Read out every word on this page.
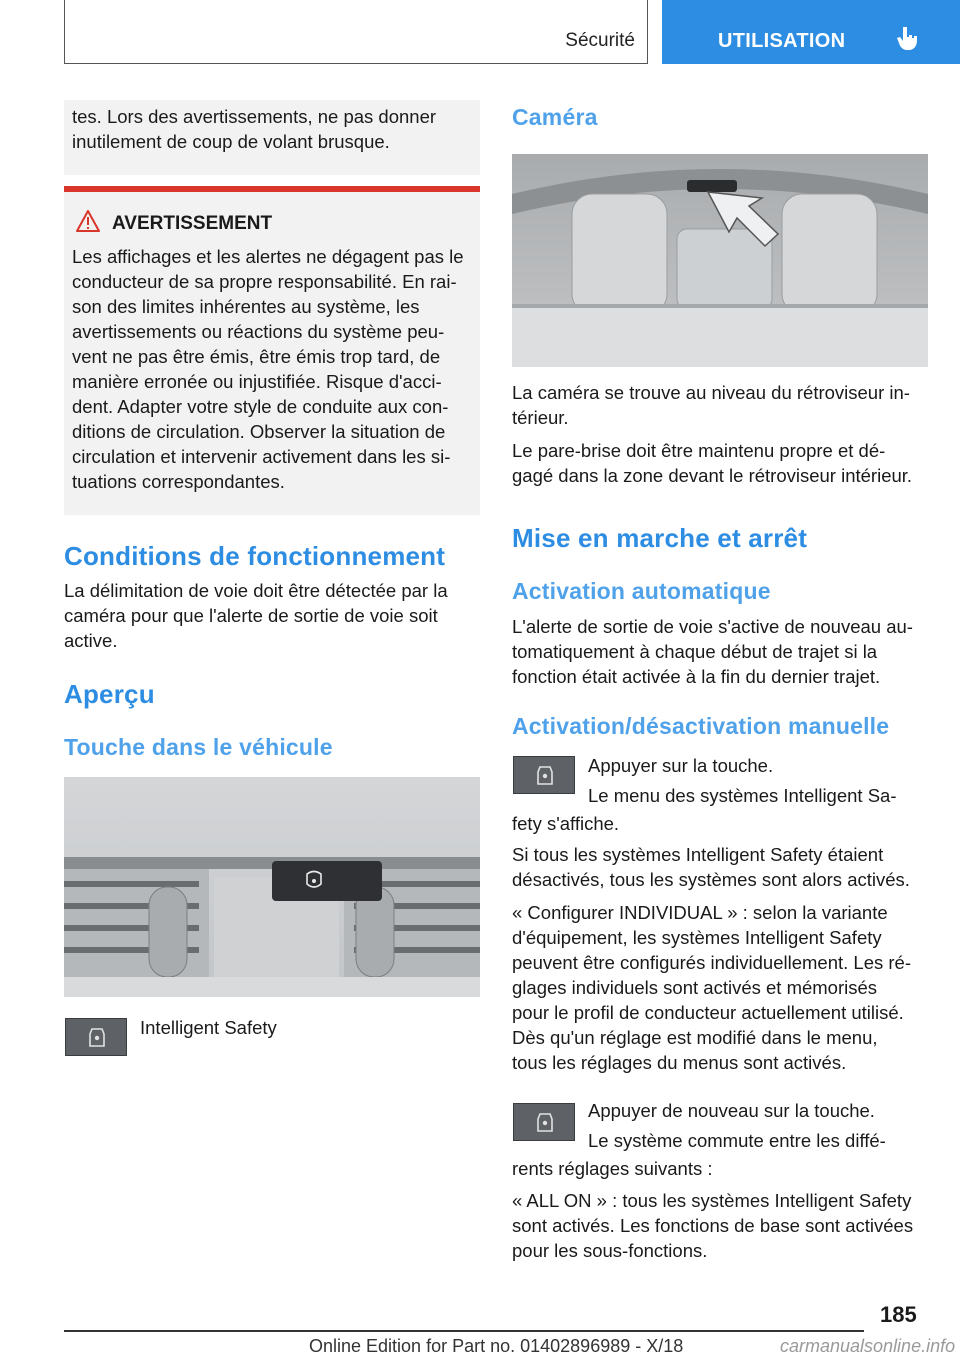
Sécurité	UTILISATION

tes. Lors des avertissements, ne pas donner

inutilement de coup de volant brusque.

AVERTISSEMENT

Les affichages et les alertes ne dégagent pas le

conducteur de sa propre responsabilité. En rai-

son des limites inhérentes au système, les

avertissements ou réactions du système peu-

vent ne pas être émis, être émis trop tard, de

manière erronée ou injustifiée. Risque d'acci-

dent. Adapter votre style de conduite aux con-

ditions de circulation. Observer la situation de

circulation et intervenir activement dans les si-

tuations correspondantes.

Conditions de fonctionnement

La délimitation de voie doit être détectée par la

caméra pour que l'alerte de sortie de voie soit

active.

Aperçu
Touche dans le véhicule
Intelligent Safety
Caméra

La caméra se trouve au niveau du rétroviseur in-

térieur.

Le pare-brise doit être maintenu propre et dé-

gagé dans la zone devant le rétroviseur intérieur.

Mise en marche et arrêt
Activation automatique

L'alerte de sortie de voie s'active de nouveau au-

tomatiquement à chaque début de trajet si la

fonction était activée à la fin du dernier trajet.

Activation/désactivation manuelle

Appuyer sur la touche.

Le menu des systèmes Intelligent Sa-

fety s'affiche.

Si tous les systèmes Intelligent Safety étaient

désactivés, tous les systèmes sont alors activés.

« Configurer INDIVIDUAL » : selon la variante

d'équipement, les systèmes Intelligent Safety

peuvent être configurés individuellement. Les ré-

glages individuels sont activés et mémorisés

pour le profil de conducteur actuellement utilisé.

Dès qu'un réglage est modifié dans le menu,

tous les réglages du menus sont activés.

Appuyer de nouveau sur la touche.

Le système commute entre les diffé-

rents réglages suivants :

« ALL ON » : tous les systèmes Intelligent Safety

sont activés. Les fonctions de base sont activées

pour les sous-fonctions.

185
Online Edition for Part no. 01402896989 - X/18	carmanualsonline.info
